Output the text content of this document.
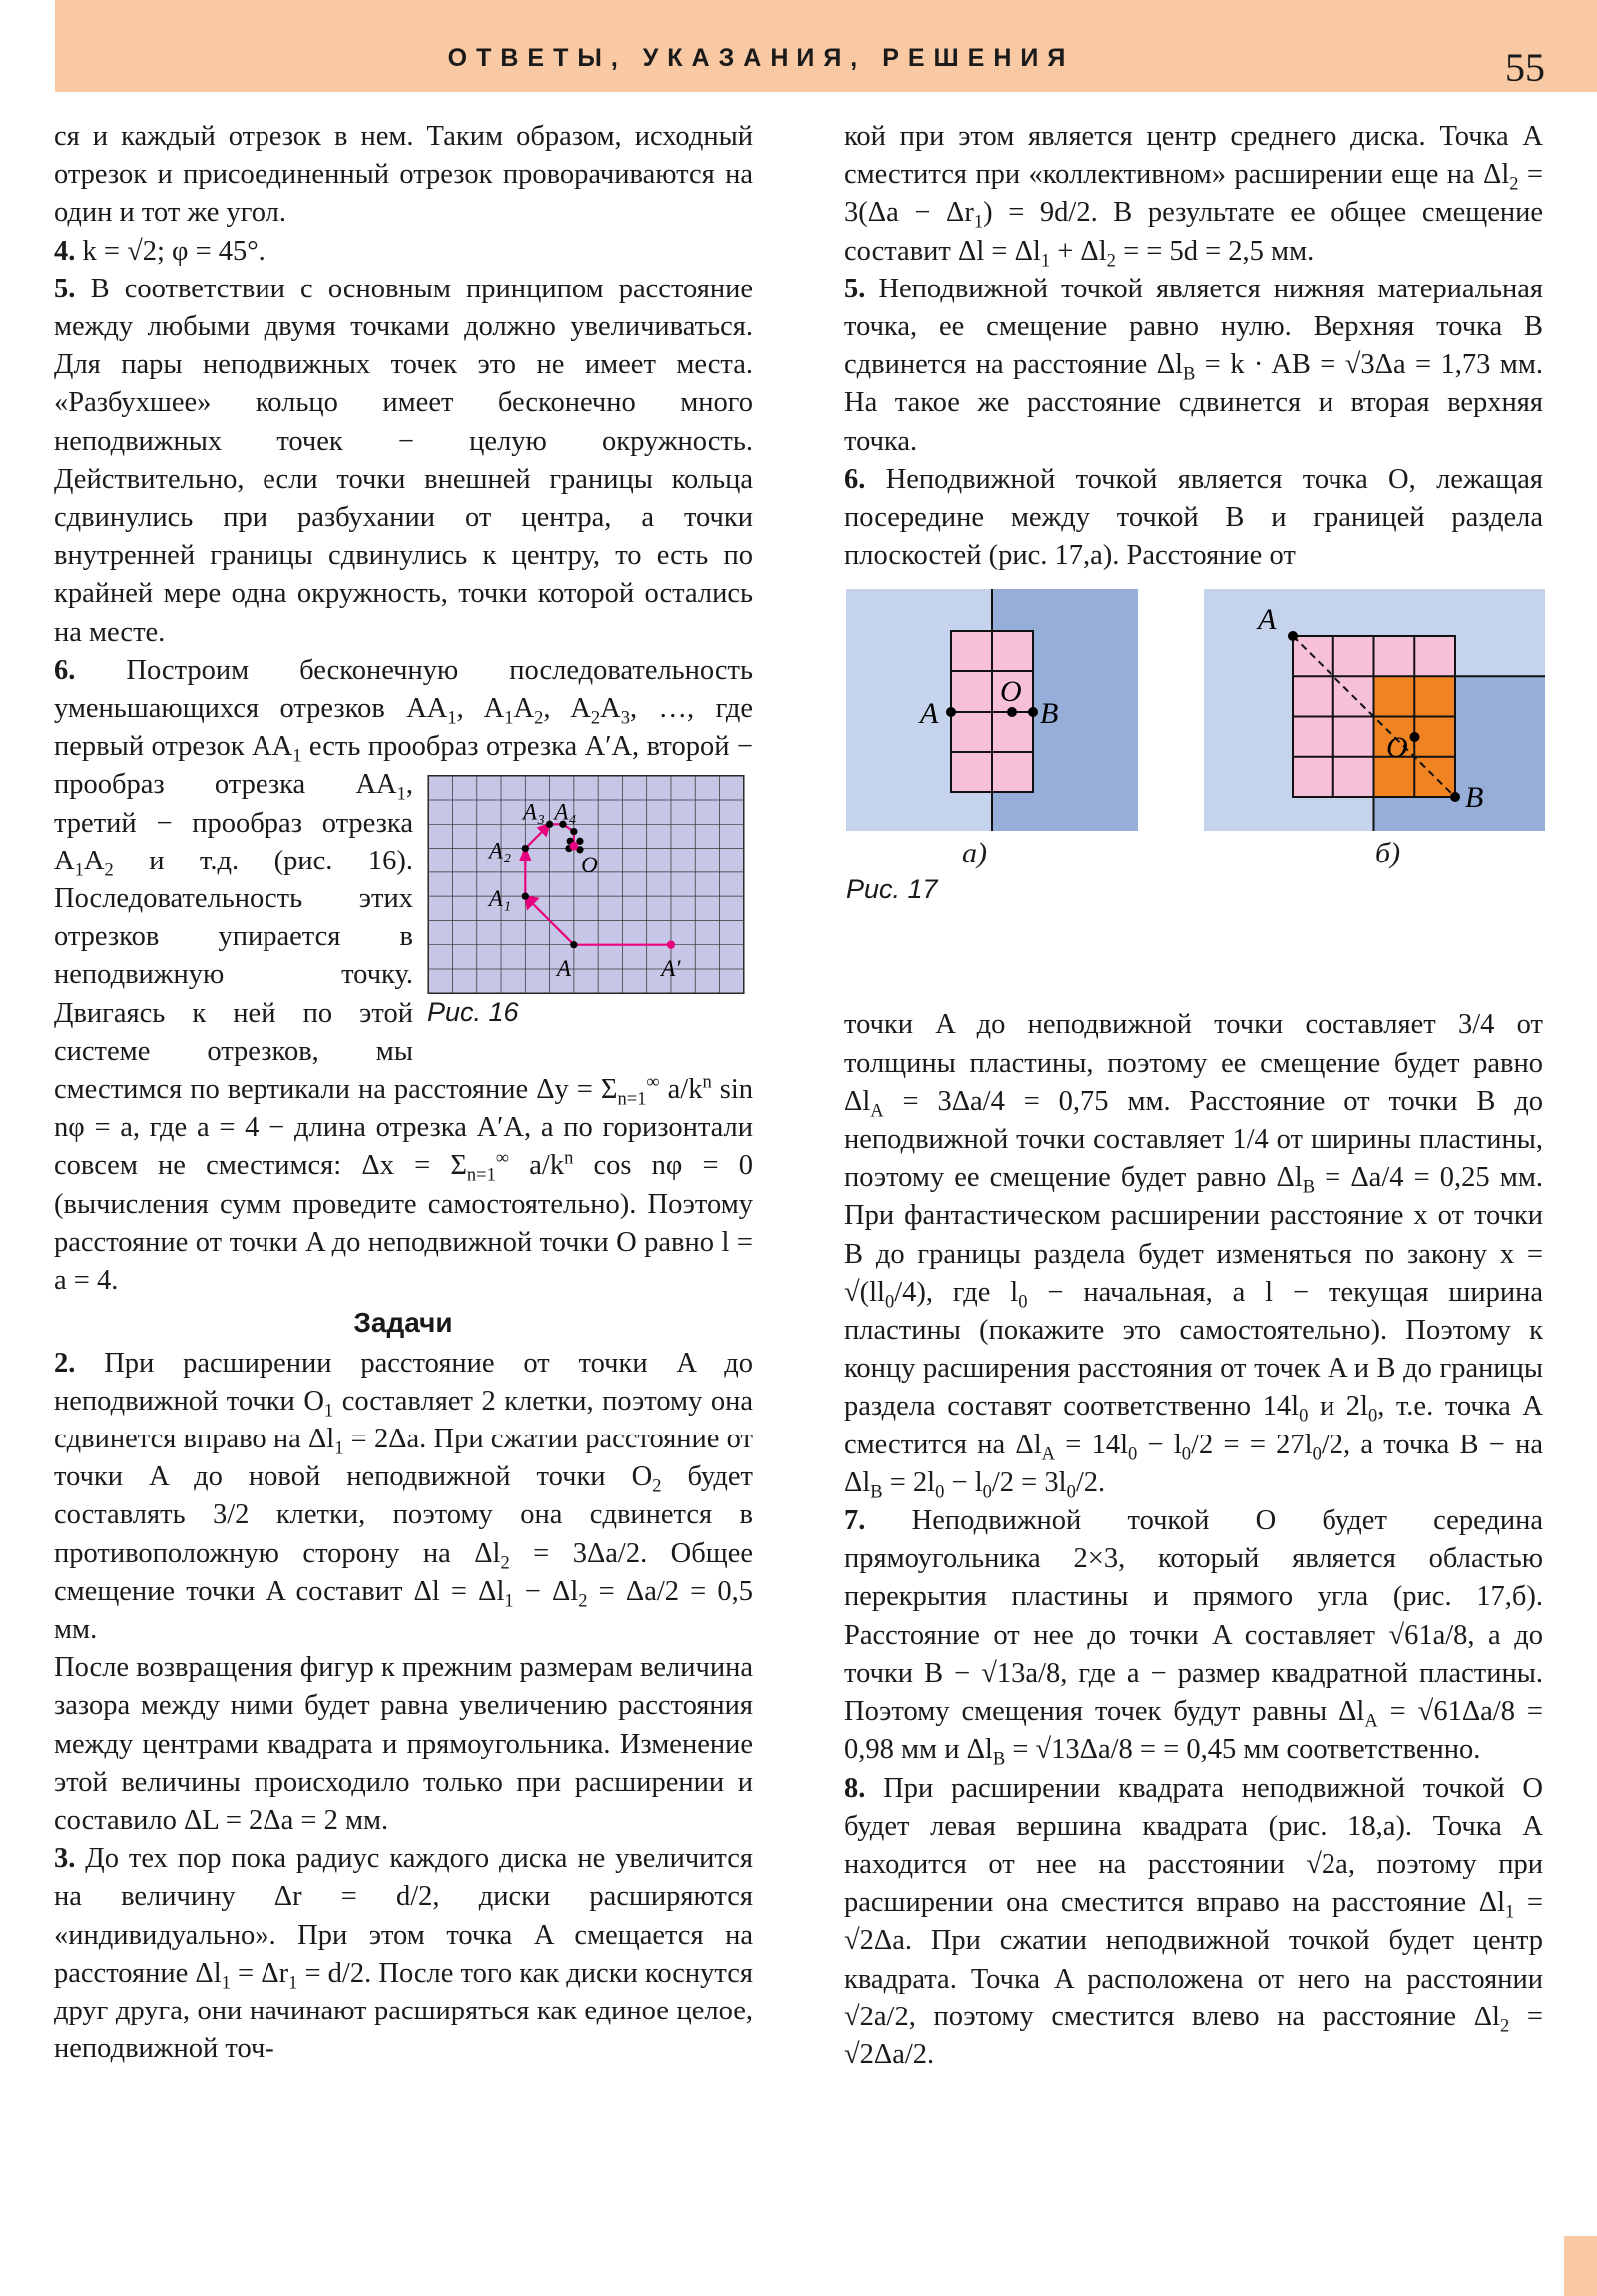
ОТВЕТЫ, УКАЗАНИЯ, РЕШЕНИЯ	55

ся и каждый отрезок в нем. Таким образом, исходный отрезок и присоединенный отрезок проворачиваются на один и тот же угол.

4. k = √2; φ = 45°.

5. В соответствии с основным принципом расстояние между любыми двумя точками должно увеличиваться. Для пары неподвижных точек это не имеет места. «Разбухшее» кольцо имеет бесконечно много неподвижных точек − целую окружность. Действительно, если точки внешней границы кольца сдвинулись при разбухании от центра, а точки внутренней границы сдвинулись к центру, то есть по крайней мере одна окружность, точки которой остались на месте.

6. Построим бесконечную последовательность уменьшающихся отрезков $AA_1$, $A_1A_2$, $A_2A_3$, …, где первый отрезок $AA_1$ есть прообраз отрезка
Рис. 16
A′A, второй − прообраз отрезка $AA_1$, третий − прообраз отрезка $A_1A_2$ и т.д. (рис. 16). Последовательность этих отрезков упирается в неподвижную точку. Двигаясь к ней по этой системе отрезков, мы сместимся по вертикали на расстояние $\Delta y = \Sigma_{n=1}^\infty$ $a/k^n$ sin nφ = a, где a = 4 − длина отрезка A′A, а по горизонтали совсем не сместимся: $\Delta x = \Sigma_{n=1}^\infty$ $a/k^n$ cos nφ = 0 (вычисления сумм проведите самостоятельно). Поэтому расстояние от точки A до неподвижной точки O равно l = a = 4.

Задачи

2. При расширении расстояние от точки A до неподвижной точки $O_1$ составляет 2 клетки, поэтому она сдвинется вправо на $\Delta l_1 = 2\Delta a$. При сжатии расстояние от точки A до новой неподвижной точки $O_2$ будет составлять 3/2 клетки, поэтому она сдвинется в противоположную сторону на $\Delta l_2 = 3\Delta a/2$. Общее смещение точки A составит $\Delta l = \Delta l_1 - \Delta l_2 = \Delta a/2 = 0,5$ мм.

После возвращения фигур к прежним размерам величина зазора между ними будет равна увеличению расстояния между центрами квадрата и прямоугольника. Изменение этой величины происходило только при расширении и составило ΔL = 2Δa = 2 мм.

3. До тех пор пока радиус каждого диска не увеличится на величину Δr = d/2, диски расширяются «индивидуально». При этом точка A смещается на расстояние $\Delta l_1 = \Delta r_1 = d/2$. После того как диски коснутся друг друга, они начинают расширяться как единое целое, неподвижной точ-

кой при этом является центр среднего диска. Точка A сместится при «коллективном» расширении еще на $\Delta l_2 = 3(\Delta a - \Delta r_1) = 9d/2$. В результате ее общее смещение составит $\Delta l = \Delta l_1 + \Delta l_2$ = = 5d = 2,5 мм.

5. Неподвижной точкой является нижняя материальная точка, ее смещение равно нулю. Верхняя точка B сдвинется на расстояние $\Delta l_B = k$ · AB = √3Δa = 1,73 мм. На такое же расстояние сдвинется и вторая верхняя точка.

6. Неподвижной точкой является точка O, лежащая посередине между точкой B и границей раздела плоскостей (рис. 17,а). Расстояние от

A
O
B
а)
A
O
B
б)
Рис. 17

точки A до неподвижной точки составляет 3/4 от толщины пластины, поэтому ее смещение будет равно $\Delta l_A = 3\Delta a/4 = 0,75$ мм. Расстояние от точки B до неподвижной точки составляет 1/4 от ширины пластины, поэтому ее смещение будет равно $\Delta l_B = \Delta a/4 = 0,25$ мм. При фантастическом расширении расстояние x от точки B до границы раздела будет изменяться по закону $x = √(ll_0/4)$, где $l_0$ − начальная, а l − текущая ширина пластины (покажите это самостоятельно). Поэтому к концу расширения расстояния от точек A и B до границы раздела составят соответственно $14l_0$ и $2l_0$, т.е. точка A сместится на $\Delta l_A = 14l_0 - l_0/2$ = = $27l_0/2$, а точка B − на $\Delta l_B = 2l_0 - l_0/2 = 3l_0/2$.

7. Неподвижной точкой O будет середина прямоугольника 2×3, который является областью перекрытия пластины и прямого угла (рис. 17,б). Расстояние от нее до точки A составляет √61a/8, а до точки B − √13a/8, где a − размер квадратной пластины. Поэтому смещения точек будут равны $\Delta l_A = √61\Delta a/8 = 0,98$ мм и $\Delta l_B = √13\Delta a/8$ = = 0,45 мм соответственно.

8. При расширении квадрата неподвижной точкой O будет левая вершина квадрата (рис. 18,а). Точка A находится от нее на расстоянии √2a, поэтому при расширении она сместится вправо на расстояние $\Delta l_1 = √2\Delta a$. При сжатии неподвижной точкой будет центр квадрата. Точка A расположена от него на расстоянии √2a/2, поэтому сместится влево на расстояние $\Delta l_2 = √2\Delta a/2$.
